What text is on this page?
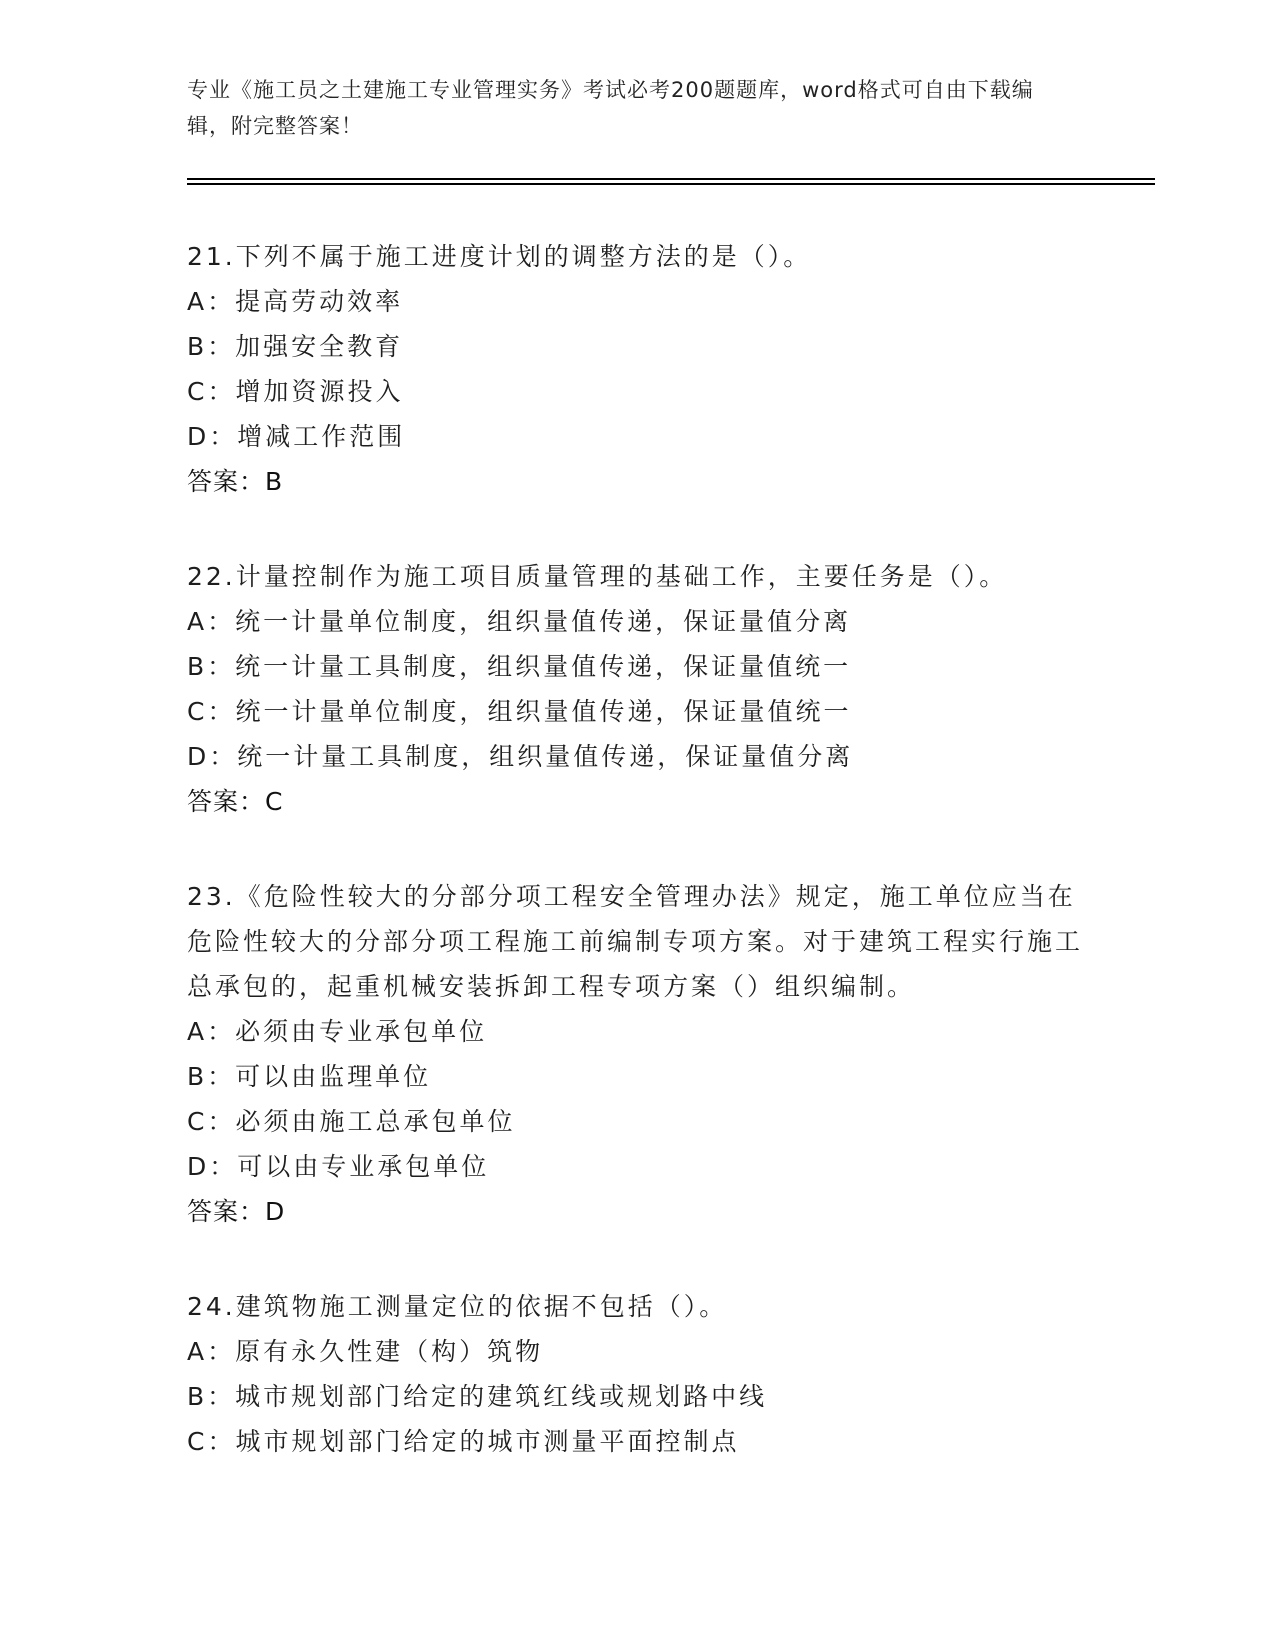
专业《施工员之土建施工专业管理实务》考试必考200题题库，word格式可自由下载编辑，附完整答案！

21.下列不属于施工进度计划的调整方法的是（）。

A：提高劳动效率

B：加强安全教育

C：增加资源投入

D：增减工作范围

答案：B

22.计量控制作为施工项目质量管理的基础工作，主要任务是（）。

A：统一计量单位制度，组织量值传递，保证量值分离

B：统一计量工具制度，组织量值传递，保证量值统一

C：统一计量单位制度，组织量值传递，保证量值统一

D：统一计量工具制度，组织量值传递，保证量值分离

答案：C

23.《危险性较大的分部分项工程安全管理办法》规定，施工单位应当在危险性较大的分部分项工程施工前编制专项方案。对于建筑工程实行施工总承包的，起重机械安装拆卸工程专项方案（）组织编制。

A：必须由专业承包单位

B：可以由监理单位

C：必须由施工总承包单位

D：可以由专业承包单位

答案：D

24.建筑物施工测量定位的依据不包括（）。

A：原有永久性建（构）筑物

B：城市规划部门给定的建筑红线或规划路中线

C：城市规划部门给定的城市测量平面控制点
